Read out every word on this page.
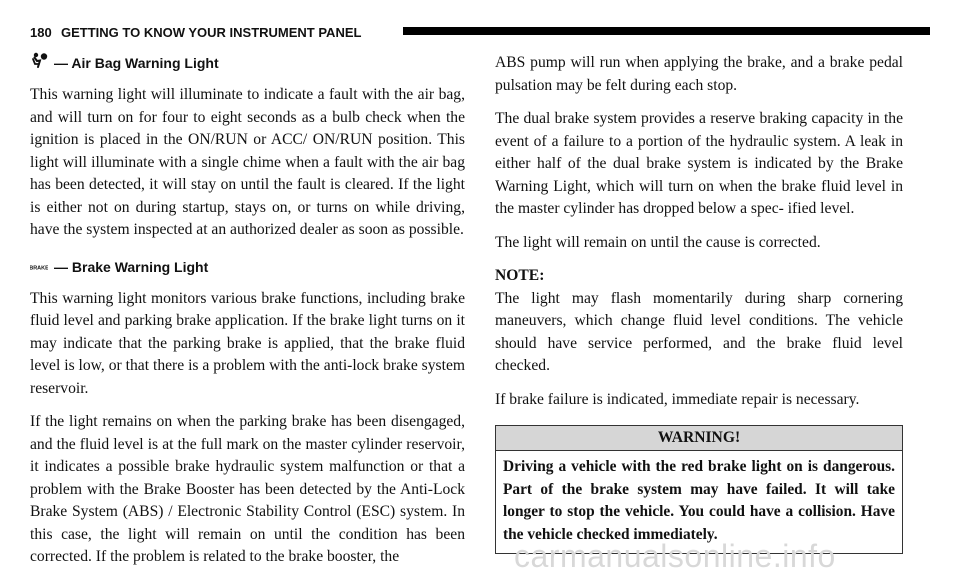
180 GETTING TO KNOW YOUR INSTRUMENT PANEL
— Air Bag Warning Light

This warning light will illuminate to indicate a fault with the air bag, and will turn on for four to eight seconds as a bulb check when the ignition is placed in the ON/RUN or ACC/ ON/RUN position. This light will illuminate with a single chime when a fault with the air bag has been detected, it will stay on until the fault is cleared. If the light is either not on during startup, stays on, or turns on while driving, have the system inspected at an authorized dealer as soon as possible.

BRAKE — Brake Warning Light

This warning light monitors various brake functions, including brake fluid level and parking brake application. If the brake light turns on it may indicate that the parking brake is applied, that the brake fluid level is low, or that there is a problem with the anti-lock brake system reservoir.

If the light remains on when the parking brake has been disengaged, and the fluid level is at the full mark on the master cylinder reservoir, it indicates a possible brake hydraulic system malfunction or that a problem with the Brake Booster has been detected by the Anti-Lock Brake System (ABS) / Electronic Stability Control (ESC) system. In this case, the light will remain on until the condition has been corrected. If the problem is related to the brake booster, the

ABS pump will run when applying the brake, and a brake pedal pulsation may be felt during each stop.

The dual brake system provides a reserve braking capacity in the event of a failure to a portion of the hydraulic system. A leak in either half of the dual brake system is indicated by the Brake Warning Light, which will turn on when the brake fluid level in the master cylinder has dropped below a spec- ified level.

The light will remain on until the cause is corrected.

NOTE:

The light may flash momentarily during sharp cornering maneuvers, which change fluid level conditions. The vehicle should have service performed, and the brake fluid level checked.

If brake failure is indicated, immediate repair is necessary.

WARNING!
Driving a vehicle with the red brake light on is dangerous. Part of the brake system may have failed. It will take longer to stop the vehicle. You could have a collision. Have the vehicle checked immediately.
carmanualsonline.info
